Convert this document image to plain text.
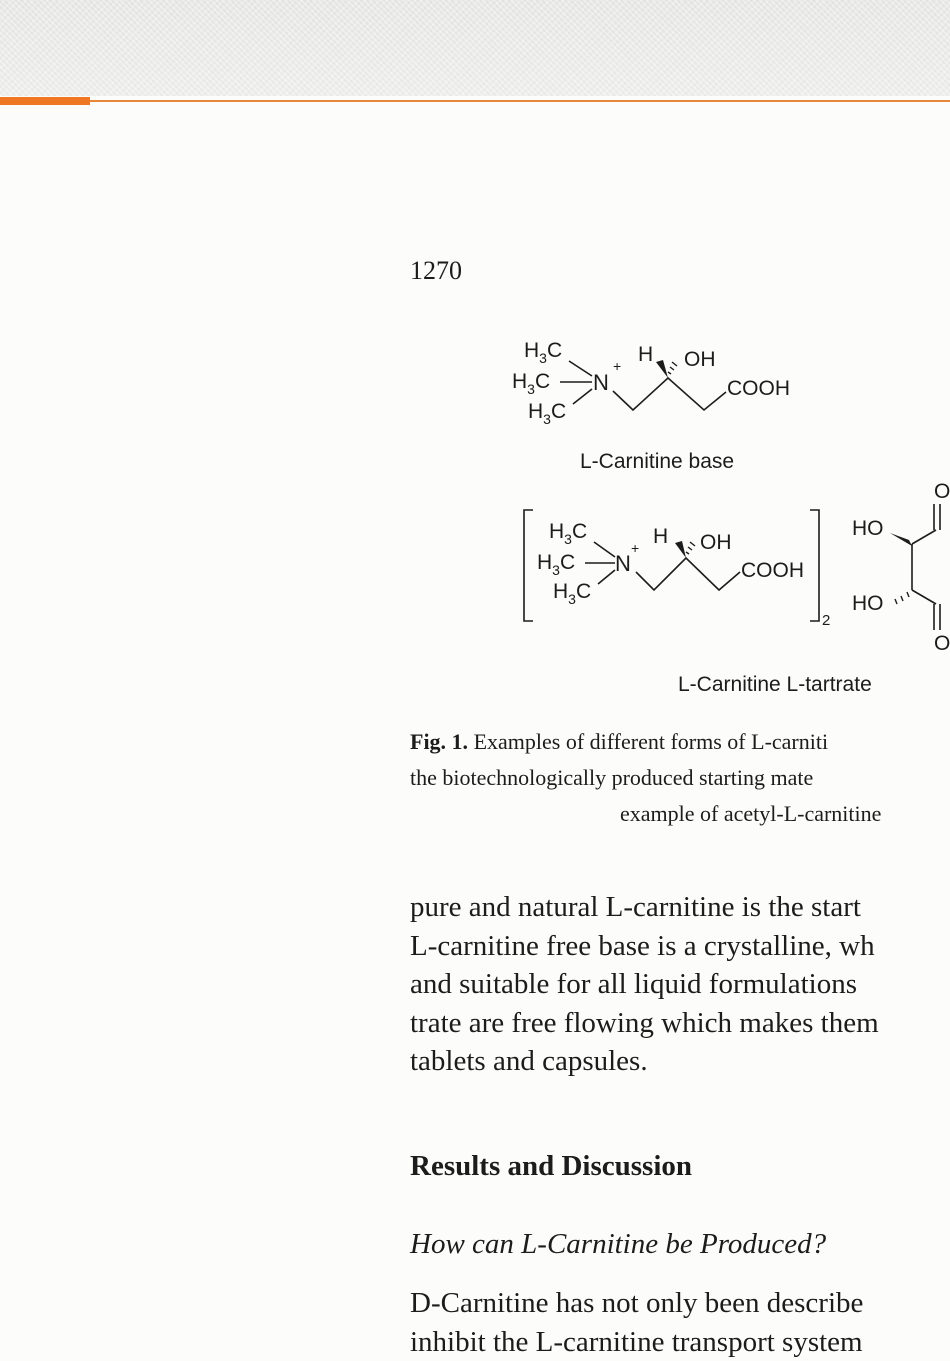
1270
$H_3C$
$H_3C$
$H_3C$
N
+ H OH
COOH
2
$H_3C$
$H_3C$
$H_3C$
N
+ H OH
COOH
HO
HO
O
O
L-Carnitine base
L-Carnitine L-tartrate
Fig. 1. Examples of different forms of L-carniti
the biotechnologically produced starting mate
example of acetyl-L-carnitine
pure and natural L-carnitine is the start
L-carnitine free base is a crystalline, wh
and suitable for all liquid formulations
trate are free flowing which makes them
tablets and capsules.
Results and Discussion
How can L-Carnitine be Produced?
D-Carnitine has not only been describe
inhibit the L-carnitine transport system
